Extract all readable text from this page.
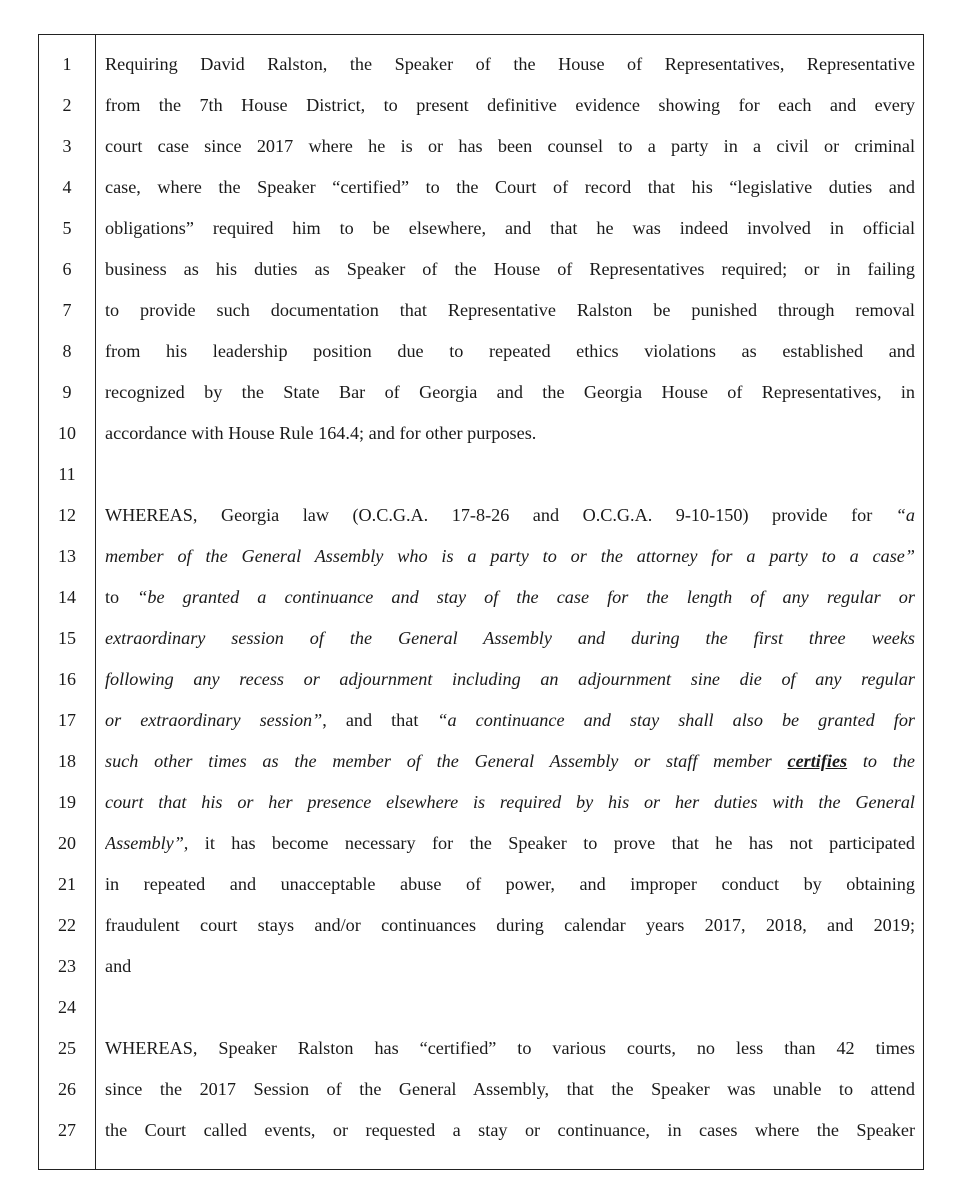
1	Requiring David Ralston, the Speaker of the House of Representatives, Representative
2	from the 7th House District, to present definitive evidence showing for each and every
3	court case since 2017 where he is or has been counsel to a party in a civil or criminal
4	case, where the Speaker “certified” to the Court of record that his “legislative duties and
5	obligations” required him to be elsewhere, and that he was indeed involved in official
6	business as his duties as Speaker of the House of Representatives required; or in failing
7	to provide such documentation that Representative Ralston be punished through removal
8	from his leadership position due to repeated ethics violations as established and
9	recognized by the State Bar of Georgia and the Georgia House of Representatives, in
10	accordance with House Rule 164.4; and for other purposes.
11
12	WHEREAS, Georgia law (O.C.G.A. 17-8-26 and O.C.G.A. 9-10-150) provide for “a
13	member of the General Assembly who is a party to or the attorney for a party to a case”
14	to “be granted a continuance and stay of the case for the length of any regular or
15	extraordinary session of the General Assembly and during the first three weeks
16	following any recess or adjournment including an adjournment sine die of any regular
17	or extraordinary session”, and that “a continuance and stay shall also be granted for
18	such other times as the member of the General Assembly or staff member certifies to the
19	court that his or her presence elsewhere is required by his or her duties with the General
20	Assembly”, it has become necessary for the Speaker to prove that he has not participated
21	in repeated and unacceptable abuse of power, and improper conduct by obtaining
22	fraudulent court stays and/or continuances during calendar years 2017, 2018, and 2019;
23	and
24
25	WHEREAS, Speaker Ralston has “certified” to various courts, no less than 42 times
26	since the 2017 Session of the General Assembly, that the Speaker was unable to attend
27	the Court called events, or requested a stay or continuance, in cases where the Speaker
